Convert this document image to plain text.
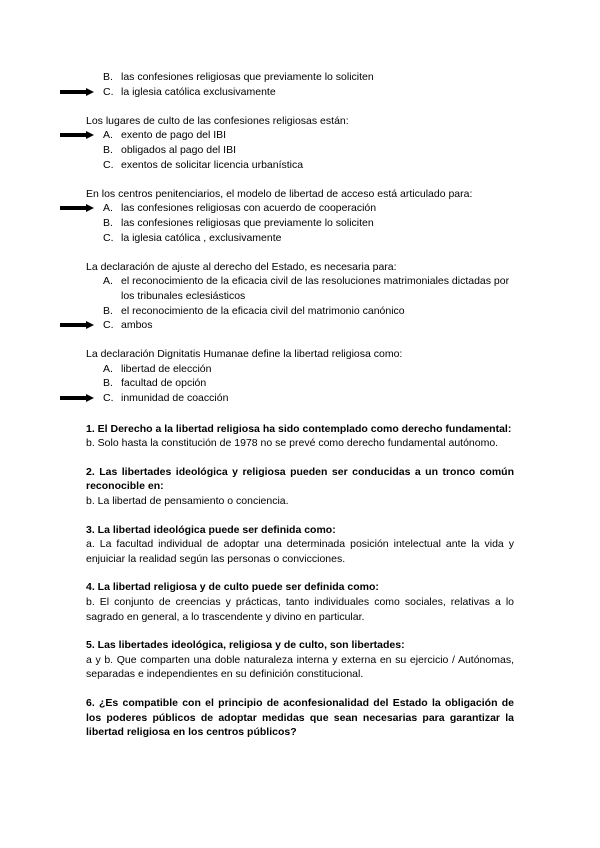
B. las confesiones religiosas que previamente lo soliciten
C. la iglesia católica exclusivamente
Los lugares de culto de las confesiones religiosas están:
A. exento de pago del IBI
B. obligados al pago del IBI
C. exentos de solicitar licencia urbanística
En los centros penitenciarios, el modelo de libertad de acceso está articulado para:
A. las confesiones religiosas con acuerdo de cooperación
B. las confesiones religiosas que previamente lo soliciten
C. la iglesia católica , exclusivamente
La declaración de ajuste al derecho del Estado, es necesaria para:
A. el reconocimiento de la eficacia civil de las resoluciones matrimoniales dictadas por los tribunales eclesiásticos
B. el reconocimiento de la eficacia civil del matrimonio canónico
C. ambos
La declaración Dignitatis Humanae define la libertad religiosa como:
A. libertad de elección
B. facultad de opción
C. inmunidad de coacción
1. El Derecho a la libertad religiosa ha sido contemplado como derecho fundamental:
b. Solo hasta la constitución de 1978 no se prevé como derecho fundamental autónomo.
2. Las libertades ideológica y religiosa pueden ser conducidas a un tronco común reconocible en:
b. La libertad de pensamiento o conciencia.
3. La libertad ideológica puede ser definida como:
a. La facultad individual de adoptar una determinada posición intelectual ante la vida y enjuiciar la realidad según las personas o convicciones.
4. La libertad religiosa y de culto puede ser definida como:
b. El conjunto de creencias y prácticas, tanto individuales como sociales, relativas a lo sagrado en general, a lo trascendente y divino en particular.
5. Las libertades ideológica, religiosa y de culto, son libertades:
a y b. Que comparten una doble naturaleza interna y externa en su ejercicio / Autónomas, separadas e independientes en su definición constitucional.
6. ¿Es compatible con el principio de aconfesionalidad del Estado la obligación de los poderes públicos de adoptar medidas que sean necesarias para garantizar la libertad religiosa en los centros públicos?
